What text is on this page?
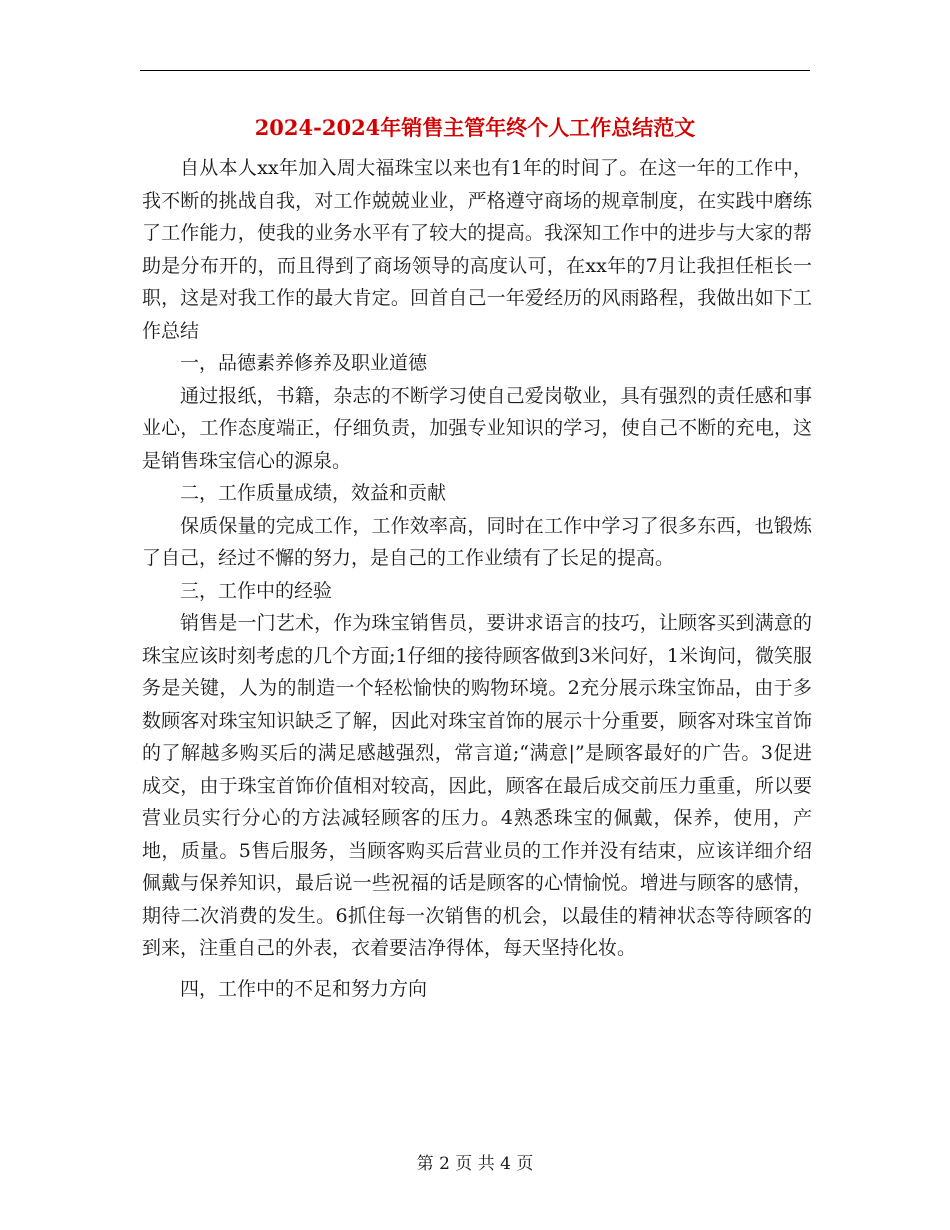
2024-2024年销售主管年终个人工作总结范文

自从本人xx年加入周大福珠宝以来也有1年的时间了。在这一年的工作中，我不断的挑战自我，对工作兢兢业业，严格遵守商场的规章制度，在实践中磨练了工作能力，使我的业务水平有了较大的提高。我深知工作中的进步与大家的帮助是分布开的，而且得到了商场领导的高度认可，在xx年的7月让我担任柜长一职，这是对我工作的最大肯定。回首自己一年爱经历的风雨路程，我做出如下工作总结

一，品德素养修养及职业道德

通过报纸，书籍，杂志的不断学习使自己爱岗敬业，具有强烈的责任感和事业心，工作态度端正，仔细负责，加强专业知识的学习，使自己不断的充电，这是销售珠宝信心的源泉。

二，工作质量成绩，效益和贡献

保质保量的完成工作，工作效率高，同时在工作中学习了很多东西，也锻炼了自己，经过不懈的努力，是自己的工作业绩有了长足的提高。

三，工作中的经验

销售是一门艺术，作为珠宝销售员，要讲求语言的技巧，让顾客买到满意的珠宝应该时刻考虑的几个方面;1仔细的接待顾客做到3米问好，1米询问，微笑服务是关键，人为的制造一个轻松愉快的购物环境。2充分展示珠宝饰品，由于多数顾客对珠宝知识缺乏了解，因此对珠宝首饰的展示十分重要，顾客对珠宝首饰的了解越多购买后的满足感越强烈，常言道;“满意|”是顾客最好的广告。3促进成交，由于珠宝首饰价值相对较高，因此，顾客在最后成交前压力重重，所以要营业员实行分心的方法减轻顾客的压力。4熟悉珠宝的佩戴，保养，使用，产地，质量。5售后服务，当顾客购买后营业员的工作并没有结束，应该详细介绍佩戴与保养知识，最后说一些祝福的话是顾客的心情愉悦。增进与顾客的感情，期待二次消费的发生。6抓住每一次销售的机会，以最佳的精神状态等待顾客的到来，注重自己的外表，衣着要洁净得体，每天坚持化妆。

四，工作中的不足和努力方向

第 2 页 共 4 页
